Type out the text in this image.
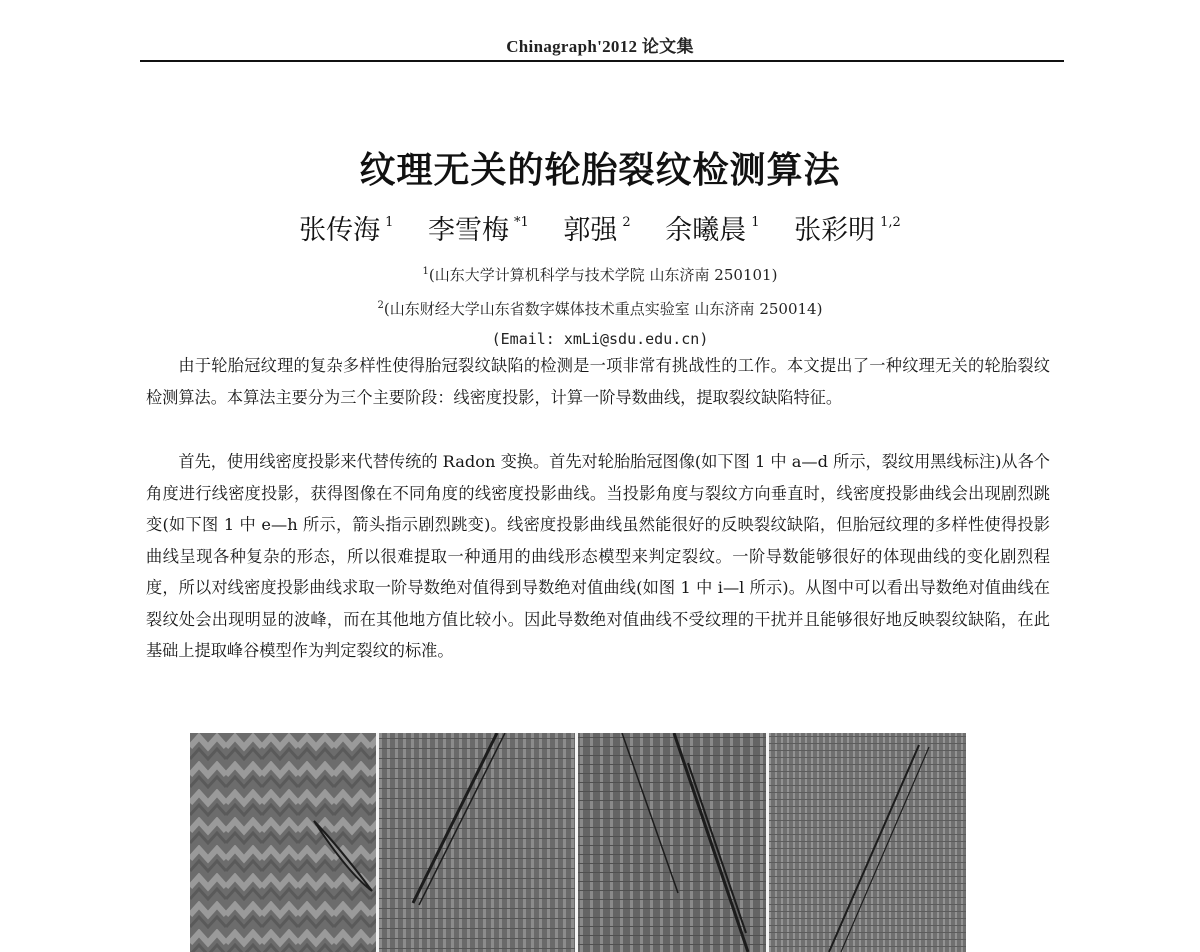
Chinagraph'2012 论文集
纹理无关的轮胎裂纹检测算法
张传海 $^1$ 李雪梅 $^{*1}$ 郭强 $^2$ 余曦晨 $^1$ 张彩明 $^{1,2}$
$^1$(山东大学计算机科学与技术学院 山东济南 250101)
$^2$(山东财经大学山东省数字媒体技术重点实验室 山东济南 250014)
(Email: xmLi@sdu.edu.cn)

由于轮胎冠纹理的复杂多样性使得胎冠裂纹缺陷的检测是一项非常有挑战性的工作。本文提出了一种纹理无关的轮胎裂纹检测算法。本算法主要分为三个主要阶段：线密度投影，计算一阶导数曲线，提取裂纹缺陷特征。

首先，使用线密度投影来代替传统的 Radon 变换。首先对轮胎胎冠图像(如下图 1 中 a—d 所示，裂纹用黑线标注)从各个角度进行线密度投影，获得图像在不同角度的线密度投影曲线。当投影角度与裂纹方向垂直时，线密度投影曲线会出现剧烈跳变(如下图 1 中 e—h 所示，箭头指示剧烈跳变)。线密度投影曲线虽然能很好的反映裂纹缺陷，但胎冠纹理的多样性使得投影曲线呈现各种复杂的形态，所以很难提取一种通用的曲线形态模型来判定裂纹。一阶导数能够很好的体现曲线的变化剧烈程度，所以对线密度投影曲线求取一阶导数绝对值得到导数绝对值曲线(如图 1 中 i—l 所示)。从图中可以看出导数绝对值曲线在裂纹处会出现明显的波峰，而在其他地方值比较小。因此导数绝对值曲线不受纹理的干扰并且能够很好地反映裂纹缺陷，在此基础上提取峰谷模型作为判定裂纹的标准。
